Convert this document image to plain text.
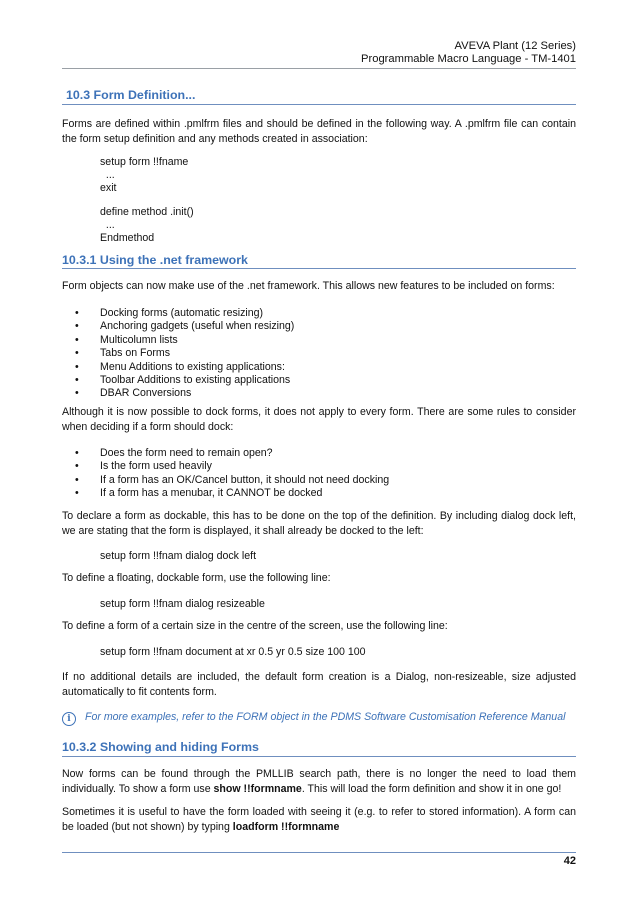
AVEVA Plant (12 Series)
Programmable Macro Language - TM-1401
10.3 Form Definition...
Forms are defined within .pmlfrm files and should be defined in the following way. A .pmlfrm file can contain the form setup definition and any methods created in association:
setup form !!fname
...
exit
define method .init()
...
Endmethod
10.3.1 Using the .net framework
Form objects can now make use of the .net framework. This allows new features to be included on forms:
•	Docking forms (automatic resizing)
•	Anchoring gadgets (useful when resizing)
•	Multicolumn lists
•	Tabs on Forms
•	Menu Additions to existing applications:
•	Toolbar Additions to existing applications
•	DBAR Conversions
Although it is now possible to dock forms, it does not apply to every form. There are some rules to consider when deciding if a form should dock:
•	Does the form need to remain open?
•	Is the form used heavily
•	If a form has an OK/Cancel button, it should not need docking
•	If a form has a menubar, it CANNOT be docked
To declare a form as dockable, this has to be done on the top of the definition. By including dialog dock left, we are stating that the form is displayed, it shall already be docked to the left:
setup form !!fnam dialog dock left
To define a floating, dockable form, use the following line:
setup form !!fnam dialog resizeable
To define a form of a certain size in the centre of the screen, use the following line:
setup form !!fnam document at xr 0.5 yr 0.5 size 100 100
If no additional details are included, the default form creation is a Dialog, non-resizeable, size adjusted automatically to fit contents form.
i For more examples, refer to the FORM object in the PDMS Software Customisation Reference Manual
10.3.2 Showing and hiding Forms
Now forms can be found through the PMLLIB search path, there is no longer the need to load them individually. To show a form use show !!formname. This will load the form definition and show it in one go!
Sometimes it is useful to have the form loaded with seeing it (e.g. to refer to stored information). A form can be loaded (but not shown) by typing loadform !!formname
42
